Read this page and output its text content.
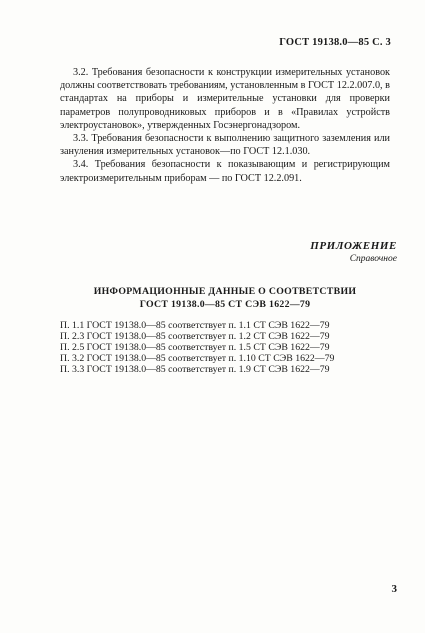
ГОСТ 19138.0—85 С. 3

3.2. Требования безопасности к конструкции измерительных установок должны соответствовать требованиям, установленным в ГОСТ 12.2.007.0, в стандартах на приборы и измерительные установки для проверки параметров полупроводниковых приборов и в «Правилах устройств электроустановок», утвержденных Госэнергонадзором.

3.3. Требования безопасности к выполнению защитного заземления или зануления измерительных установок—по ГОСТ 12.1.030.

3.4. Требования безопасности к показывающим и регистрирующим электроизмерительным приборам — по ГОСТ 12.2.091.

ПРИЛОЖЕНИЕ
Справочное
ИНФОРМАЦИОННЫЕ ДАННЫЕ О СООТВЕТСТВИИ
ГОСТ 19138.0—85 СТ СЭВ 1622—79
П. 1.1 ГОСТ 19138.0—85 соответствует п. 1.1 СТ СЭВ 1622—79
П. 2.3 ГОСТ 19138.0—85 соответствует п. 1.2 СТ СЭВ 1622—79
П. 2.5 ГОСТ 19138.0—85 соответствует п. 1.5 СТ СЭВ 1622—79
П. 3.2 ГОСТ 19138.0—85 соответствует п. 1.10 СТ СЭВ 1622—79
П. 3.3 ГОСТ 19138.0—85 соответствует п. 1.9 СТ СЭВ 1622—79
3
